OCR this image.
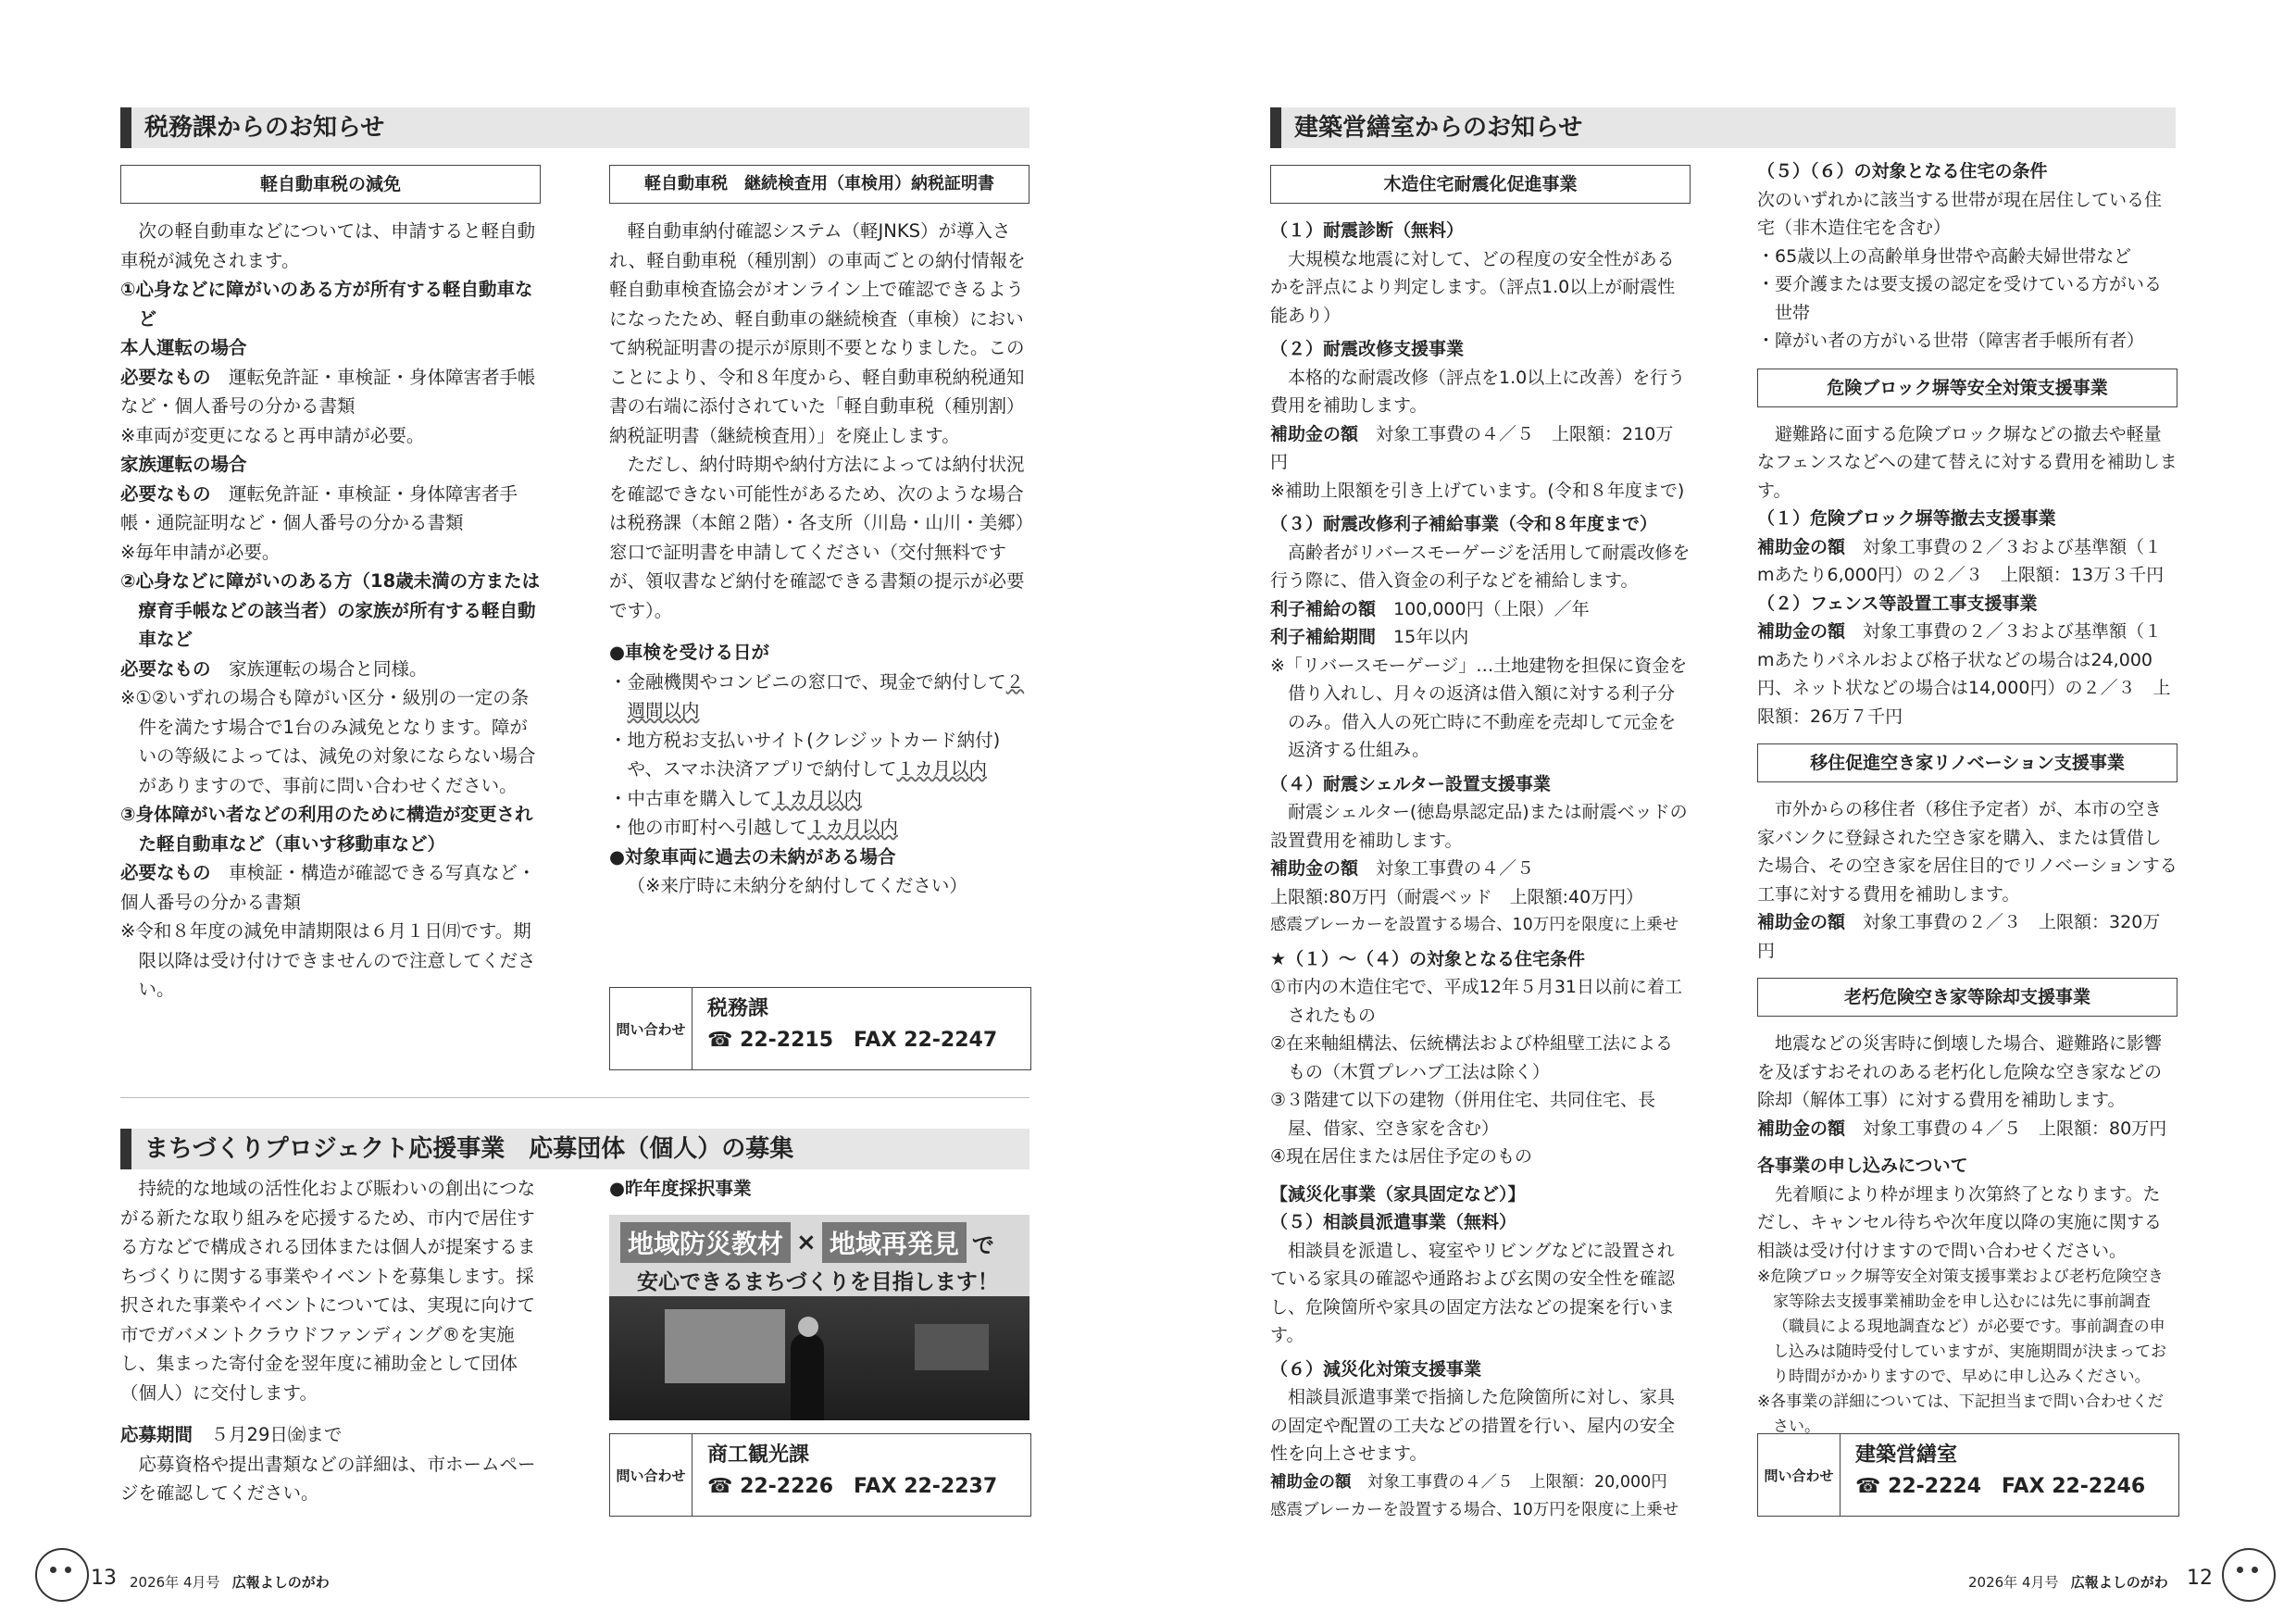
税務課からのお知らせ
軽自動車税の減免

次の軽自動車などについては、申請すると軽自動車税が減免されます。

①心身などに障がいのある方が所有する軽自動車など

本人運転の場合

必要なもの　 運転免許証・車検証・身体障害者手帳など・個人番号の分かる書類

※車両が変更になると再申請が必要。

家族運転の場合

必要なもの　 運転免許証・車検証・身体障害者手帳・通院証明など・個人番号の分かる書類

※毎年申請が必要。

②心身などに障がいのある方（18歳未満の方または療育手帳などの該当者）の家族が所有する軽自動車など

必要なもの　 家族運転の場合と同様。

※①②いずれの場合も障がい区分・級別の一定の条件を満たす場合で1台のみ減免となります。障がいの等級によっては、減免の対象にならない場合がありますので、事前に問い合わせください。

③身体障がい者などの利用のために構造が変更された軽自動車など（車いす移動車など）

必要なもの　 車検証・構造が確認できる写真など・個人番号の分かる書類

※令和８年度の減免申請期限は６月１日㈪です。期限以降は受け付けできませんので注意してください。

軽自動車税　継続検査用（車検用）納税証明書

軽自動車納付確認システム（軽JNKS）が導入され、軽自動車税（種別割）の車両ごとの納付情報を軽自動車検査協会がオンライン上で確認できるようになったため、軽自動車の継続検査（車検）において納税証明書の提示が原則不要となりました。このことにより、令和８年度から、軽自動車税納税通知書の右端に添付されていた「軽自動車税（種別割）納税証明書（継続検査用）」を廃止します。

ただし、納付時期や納付方法によっては納付状況を確認できない可能性があるため、次のような場合は税務課（本館２階）・各支所（川島・山川・美郷）窓口で証明書を申請してください（交付無料ですが、領収書など納付を確認できる書類の提示が必要です）。

●車検を受ける日が

・金融機関やコンビニの窓口で、現金で納付して２週間以内
・地方税お支払いサイト(クレジットカード納付)や、スマホ決済アプリで納付して１カ月以内
・中古車を購入して１カ月以内
・他の市町村へ引越して１カ月以内

●対象車両に過去の未納がある場合

（※来庁時に未納分を納付してください）

問い合わせ
税務課
☎ 22-2215　FAX 22-2247
まちづくりプロジェクト応援事業　応募団体（個人）の募集

持続的な地域の活性化および賑わいの創出につながる新たな取り組みを応援するため、市内で居住する方などで構成される団体または個人が提案するまちづくりに関する事業やイベントを募集します。採択された事業やイベントについては、実現に向けて市でガバメントクラウドファンディング®を実施し、集まった寄付金を翌年度に補助金として団体（個人）に交付します。

応募期間　 ５月29日㈮まで

応募資格や提出書類などの詳細は、市ホームページを確認してください。

●昨年度採択事業

地域防災教材 × 地域再発見 で
安心できるまちづくりを目指します！
問い合わせ
商工観光課
☎ 22-2226　FAX 22-2237
13 2026年 4月号 広報よしのがわ
建築営繕室からのお知らせ
木造住宅耐震化促進事業

（１）耐震診断（無料）

大規模な地震に対して、どの程度の安全性があるかを評点により判定します。（評点1.0以上が耐震性能あり）

（２）耐震改修支援事業

本格的な耐震改修（評点を1.0以上に改善）を行う費用を補助します。

補助金の額　 対象工事費の４／５　上限額：210万円

※補助上限額を引き上げています。(令和８年度まで)

（３）耐震改修利子補給事業（令和８年度まで）

高齢者がリバースモーゲージを活用して耐震改修を行う際に、借入資金の利子などを補給します。

利子補給の額　 100,000円（上限）／年

利子補給期間　 15年以内

※「リバースモーゲージ」…土地建物を担保に資金を借り入れし、月々の返済は借入額に対する利子分のみ。借入人の死亡時に不動産を売却して元金を返済する仕組み。

（４）耐震シェルター設置支援事業

耐震シェルター(徳島県認定品)または耐震ベッドの設置費用を補助します。

補助金の額　 対象工事費の４／５

上限額:80万円（耐震ベッド　上限額:40万円）

感震ブレーカーを設置する場合、10万円を限度に上乗せ

★（１）～（４）の対象となる住宅条件

①市内の木造住宅で、平成12年５月31日以前に着工されたもの

②在来軸組構法、伝統構法および枠組壁工法によるもの（木質プレハブ工法は除く）

③３階建て以下の建物（併用住宅、共同住宅、長屋、借家、空き家を含む）

④現在居住または居住予定のもの

【減災化事業（家具固定など）】

（５）相談員派遣事業（無料）

相談員を派遣し、寝室やリビングなどに設置されている家具の確認や通路および玄関の安全性を確認し、危険箇所や家具の固定方法などの提案を行います。

（６）減災化対策支援事業

相談員派遣事業で指摘した危険箇所に対し、家具の固定や配置の工夫などの措置を行い、屋内の安全性を向上させます。

補助金の額　 対象工事費の４／５　上限額：20,000円

感震ブレーカーを設置する場合、10万円を限度に上乗せ

（５）（６）の対象となる住宅の条件

次のいずれかに該当する世帯が現在居住している住宅（非木造住宅を含む）

・65歳以上の高齢単身世帯や高齢夫婦世帯など
・要介護または要支援の認定を受けている方がいる世帯
・障がい者の方がいる世帯（障害者手帳所有者）
危険ブロック塀等安全対策支援事業

避難路に面する危険ブロック塀などの撤去や軽量なフェンスなどへの建て替えに対する費用を補助します。

（１）危険ブロック塀等撤去支援事業

補助金の額　 対象工事費の２／３および基準額（１mあたり6,000円）の２／３　上限額：13万３千円

（２）フェンス等設置工事支援事業

補助金の額　 対象工事費の２／３および基準額（１mあたりパネルおよび格子状などの場合は24,000円、ネット状などの場合は14,000円）の２／３　上限額：26万７千円

移住促進空き家リノベーション支援事業

市外からの移住者（移住予定者）が、本市の空き家バンクに登録された空き家を購入、または賃借した場合、その空き家を居住目的でリノベーションする工事に対する費用を補助します。

補助金の額　 対象工事費の２／３　上限額：320万円

老朽危険空き家等除却支援事業

地震などの災害時に倒壊した場合、避難路に影響を及ぼすおそれのある老朽化し危険な空き家などの除却（解体工事）に対する費用を補助します。

補助金の額　 対象工事費の４／５　上限額：80万円

各事業の申し込みについて

先着順により枠が埋まり次第終了となります。ただし、キャンセル待ちや次年度以降の実施に関する相談は受け付けますので問い合わせください。

※危険ブロック塀等安全対策支援事業および老朽危険空き家等除去支援事業補助金を申し込むには先に事前調査（職員による現地調査など）が必要です。事前調査の申し込みは随時受付していますが、実施期間が決まっており時間がかかりますので、早めに申し込みください。

※各事業の詳細については、下記担当まで問い合わせください。

問い合わせ
建築営繕室
☎ 22-2224　FAX 22-2246
2026年 4月号 広報よしのがわ 12
